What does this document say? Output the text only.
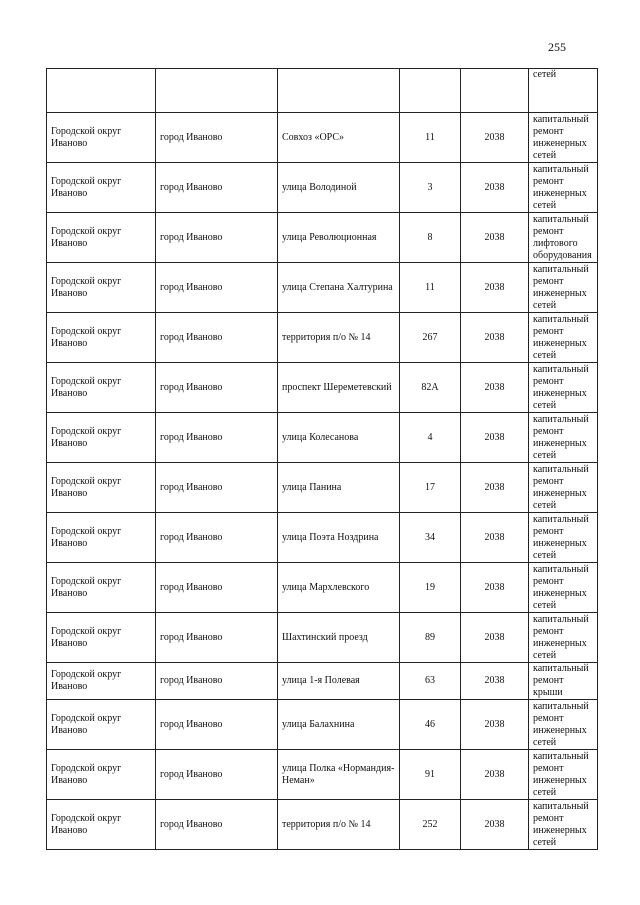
255
					сетей
Городской округ Иваново	город Иваново	Совхоз «ОРС»	11	2038	капитальный ремонт инженерных сетей
Городской округ Иваново	город Иваново	улица Володиной	3	2038	капитальный ремонт инженерных сетей
Городской округ Иваново	город Иваново	улица Революционная	8	2038	капитальный ремонт лифтового оборудования
Городской округ Иваново	город Иваново	улица Степана Халтурина	11	2038	капитальный ремонт инженерных сетей
Городской округ Иваново	город Иваново	территория п/о № 14	267	2038	капитальный ремонт инженерных сетей
Городской округ Иваново	город Иваново	проспект Шереметевский	82А	2038	капитальный ремонт инженерных сетей
Городской округ Иваново	город Иваново	улица Колесанова	4	2038	капитальный ремонт инженерных сетей
Городской округ Иваново	город Иваново	улица Панина	17	2038	капитальный ремонт инженерных сетей
Городской округ Иваново	город Иваново	улица Поэта Ноздрина	34	2038	капитальный ремонт инженерных сетей
Городской округ Иваново	город Иваново	улица Мархлевского	19	2038	капитальный ремонт инженерных сетей
Городской округ Иваново	город Иваново	Шахтинский проезд	89	2038	капитальный ремонт инженерных сетей
Городской округ Иваново	город Иваново	улица 1-я Полевая	63	2038	капитальный ремонт крыши
Городской округ Иваново	город Иваново	улица Балахнина	46	2038	капитальный ремонт инженерных сетей
Городской округ Иваново	город Иваново	улица Полка «Нормандия-Неман»	91	2038	капитальный ремонт инженерных сетей
Городской округ Иваново	город Иваново	территория п/о № 14	252	2038	капитальный ремонт инженерных сетей
